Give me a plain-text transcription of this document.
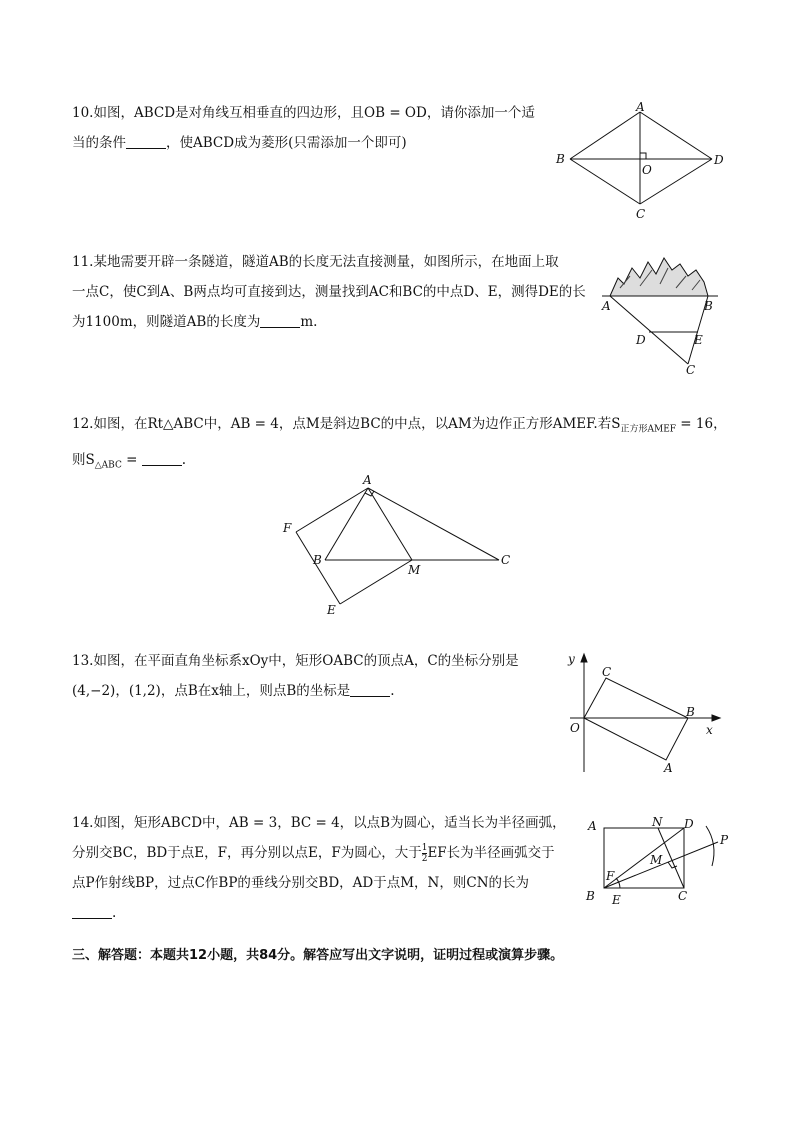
10.如图，ABCD是对角线互相垂直的四边形，且OB = OD，请你添加一个适
当的条件	，使ABCD成为菱形(只需添加一个即可)
A
B	D
C
O
11.某地需要开辟一条隧道，隧道AB的长度无法直接测量，如图所示，在地面上取
一点C，使C到A、B两点均可直接到达，测量找到AC和BC的中点D、E，测得DE的长
为1100m，则隧道AB的长度为	m.
A	B
D	E
C
12.如图，在Rt△ABC中，AB = 4，点M是斜边BC的中点，以AM为边作正方形AMEF.若$S_{正方形AMEF} = 16$，
则$S_{\triangle ABC}$ =	.
A
F
B	C
M
E
13.如图，在平面直角坐标系xOy中，矩形OABC的顶点A，C的坐标分别是
(4,−2)，(1,2)，点B在x轴上，则点B的坐标是	.
y
x
O
C
B
A
14.如图，矩形ABCD中，AB = 3，BC = 4，以点B为圆心，适当长为半径画弧，
分别交BC，BD于点E，F，再分别以点E，F为圆心，大于 $\frac{1}{2}$ EF长为半径画弧交于
点P作射线BP，过点C作BP的垂线分别交BD，AD于点M，N，则CN的长为
.
A	D
N
P
M
F
B E	C
三、解答题：本题共12小题，共84分。解答应写出文字说明，证明过程或演算步骤。
